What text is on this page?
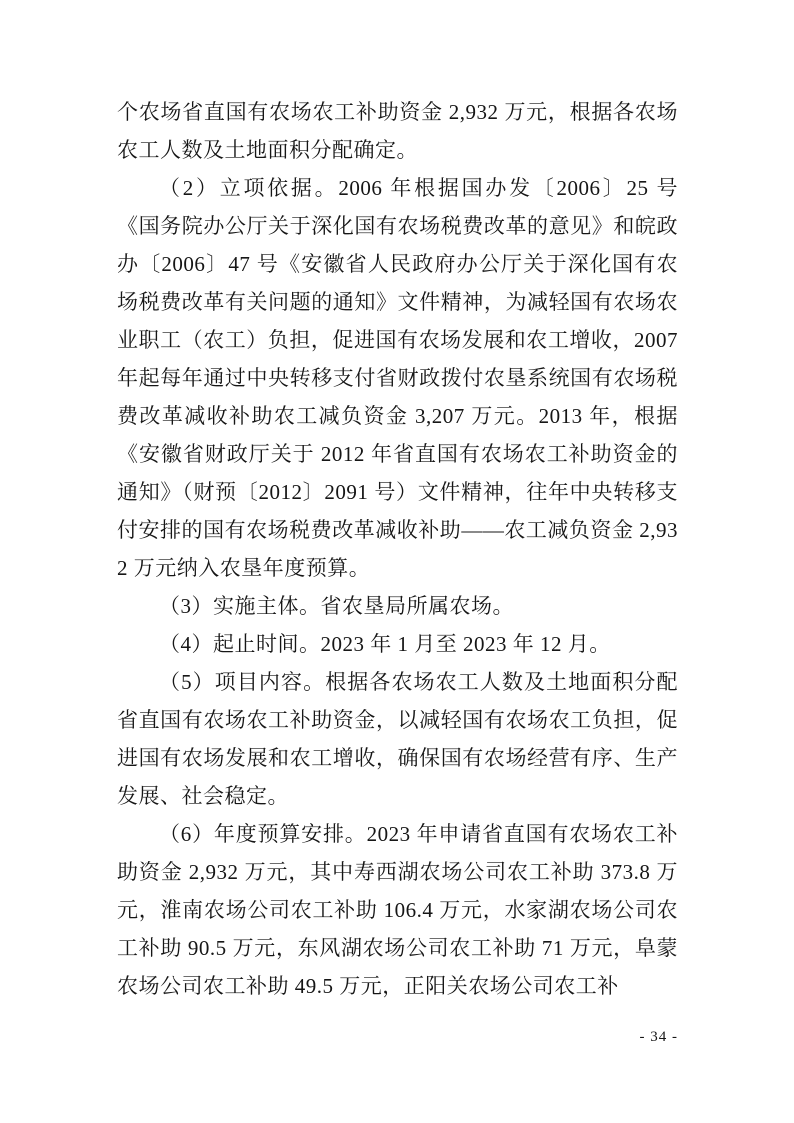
个农场省直国有农场农工补助资金 2,932 万元，根据各农场农工人数及土地面积分配确定。

（2）立项依据。2006 年根据国办发〔2006〕25 号《国务院办公厅关于深化国有农场税费改革的意见》和皖政办〔2006〕47 号《安徽省人民政府办公厅关于深化国有农场税费改革有关问题的通知》文件精神，为减轻国有农场农业职工（农工）负担，促进国有农场发展和农工增收，2007 年起每年通过中央转移支付省财政拨付农垦系统国有农场税费改革减收补助农工减负资金 3,207 万元。2013 年，根据《安徽省财政厅关于 2012 年省直国有农场农工补助资金的通知》（财预〔2012〕2091 号）文件精神，往年中央转移支付安排的国有农场税费改革减收补助——农工减负资金 2,932 万元纳入农垦年度预算。

（3）实施主体。省农垦局所属农场。

（4）起止时间。2023 年 1 月至 2023 年 12 月。

（5）项目内容。根据各农场农工人数及土地面积分配省直国有农场农工补助资金，以减轻国有农场农工负担，促进国有农场发展和农工增收，确保国有农场经营有序、生产发展、社会稳定。

（6）年度预算安排。2023 年申请省直国有农场农工补助资金 2,932 万元，其中寿西湖农场公司农工补助 373.8 万元，淮南农场公司农工补助 106.4 万元，水家湖农场公司农工补助 90.5 万元，东风湖农场公司农工补助 71 万元，阜蒙农场公司农工补助 49.5 万元，正阳关农场公司农工补

- 34 -
